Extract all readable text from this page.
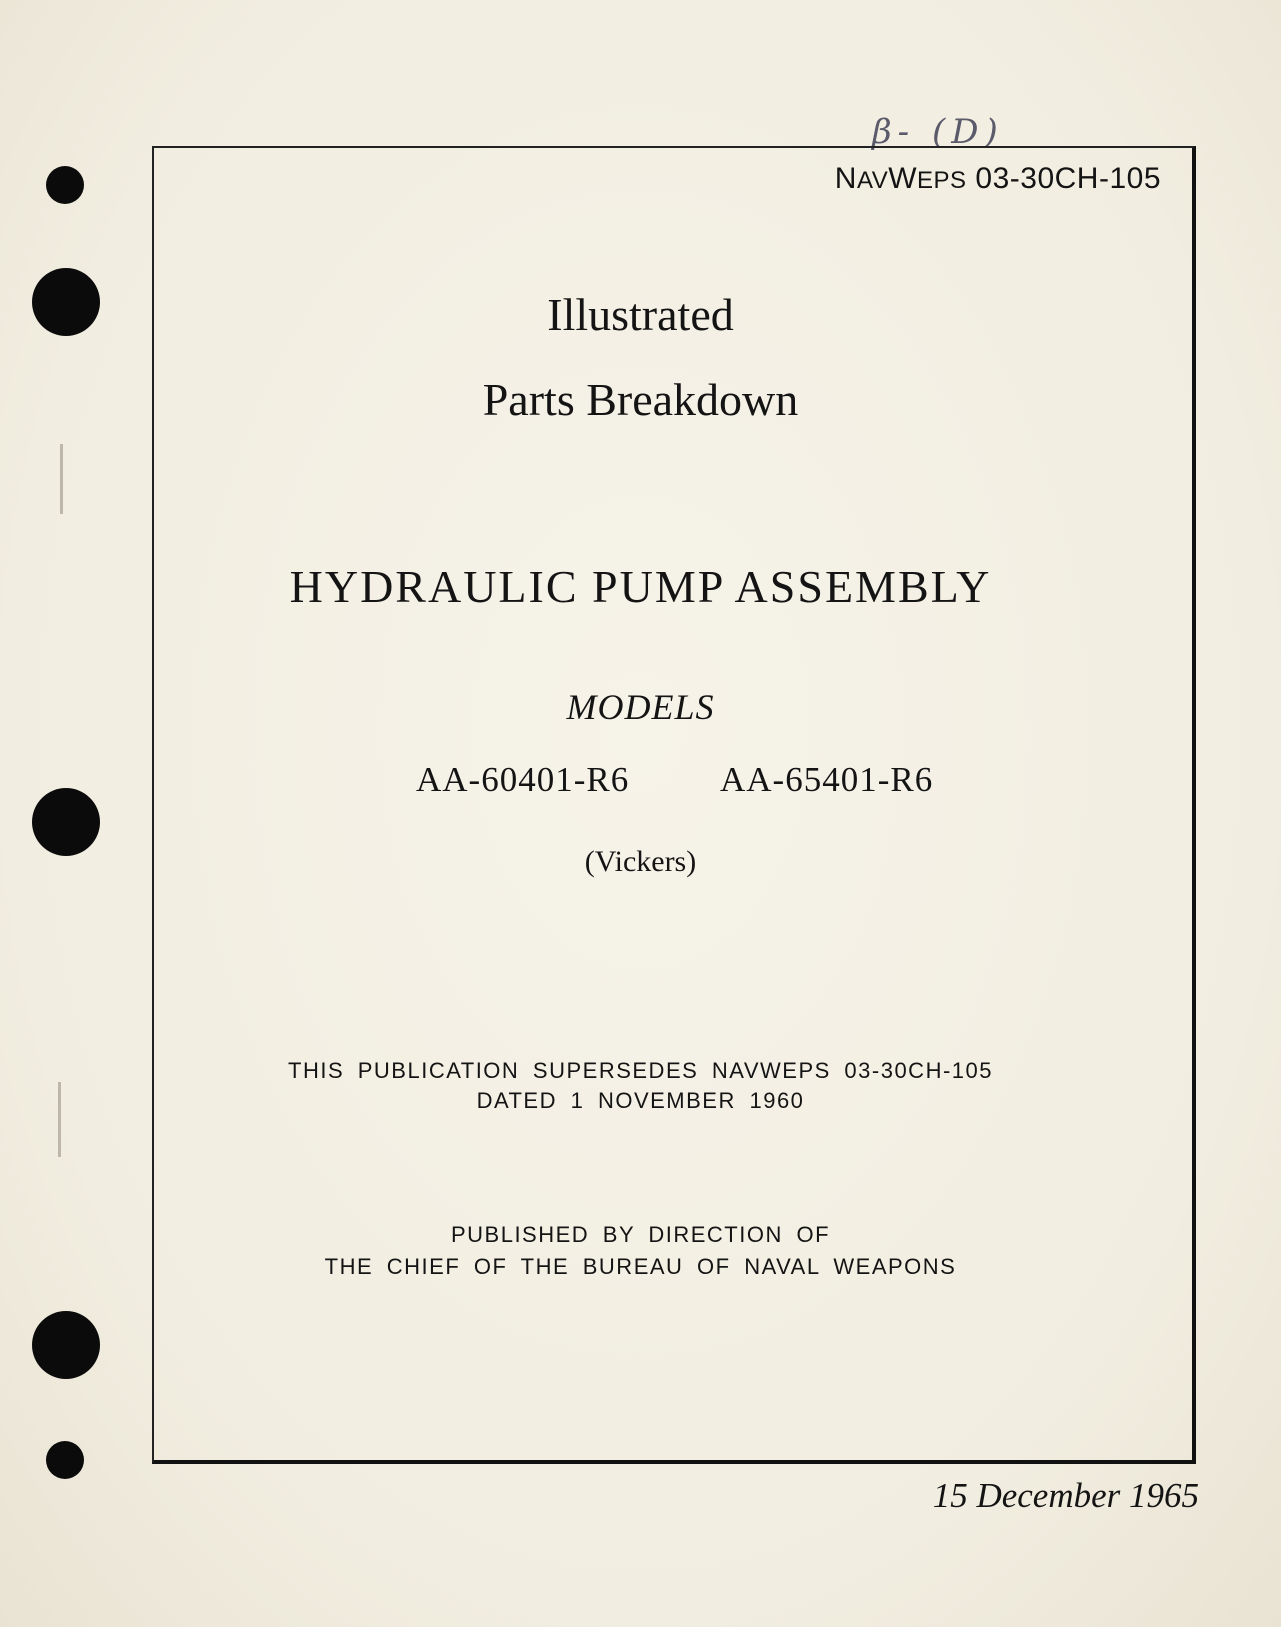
β- (D)
NAVWEPS 03-30CH-105
Illustrated
Parts Breakdown
HYDRAULIC PUMP ASSEMBLY
MODELS
AA-60401-R6	AA-65401-R6
(Vickers)
THIS PUBLICATION SUPERSEDES NAVWEPS 03-30CH-105
DATED 1 NOVEMBER 1960
PUBLISHED BY DIRECTION OF
THE CHIEF OF THE BUREAU OF NAVAL WEAPONS
15 December 1965
